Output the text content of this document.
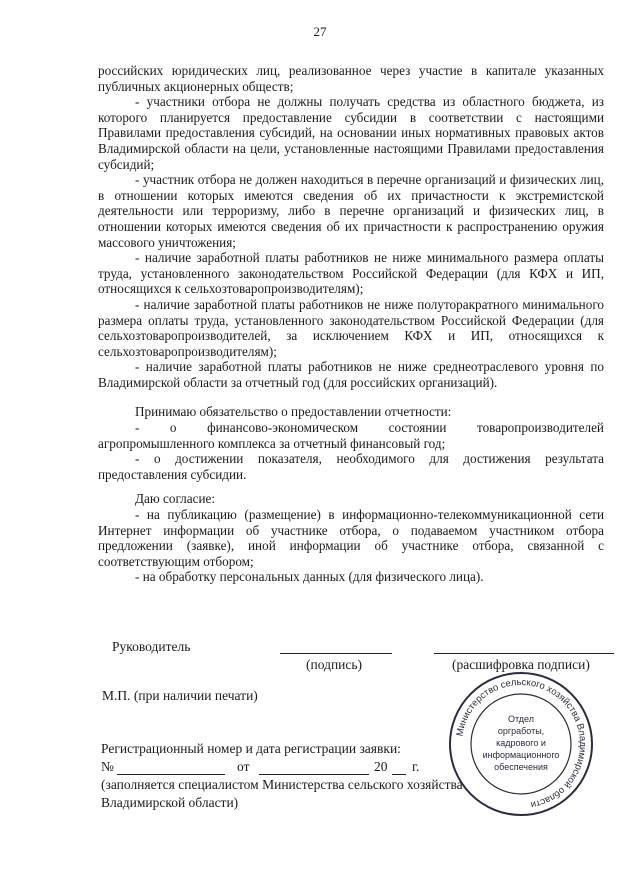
27

российских юридических лиц, реализованное через участие в капитале указанных публичных акционерных обществ;

- участники отбора не должны получать средства из областного бюджета, из которого планируется предоставление субсидии в соответствии с настоящими Правилами предоставления субсидий, на основании иных нормативных правовых актов Владимирской области на цели, установленные настоящими Правилами предоставления субсидий;

- участник отбора не должен находиться в перечне организаций и физических лиц, в отношении которых имеются сведения об их причастности к экстремистской деятельности или терроризму, либо в перечне организаций и физических лиц, в отношении которых имеются сведения об их причастности к распространению оружия массового уничтожения;

- наличие заработной платы работников не ниже минимального размера оплаты труда, установленного законодательством Российской Федерации (для КФХ и ИП, относящихся к сельхозтоваропроизводителям);

- наличие заработной платы работников не ниже полуторакратного минимального размера оплаты труда, установленного законодательством Российской Федерации (для сельхозтоваропроизводителей, за исключением КФХ и ИП, относящихся к сельхозтоваропроизводителям);

- наличие заработной платы работников не ниже среднеотраслевого уровня по Владимирской области за отчетный год (для российских организаций).

Принимаю обязательство о предоставлении отчетности:

- о финансово-экономическом состоянии товаропроизводителей агропромышленного комплекса за отчетный финансовый год;

- о достижении показателя, необходимого для достижения результата предоставления субсидии.

Даю согласие:

- на публикацию (размещение) в информационно-телекоммуникационной сети Интернет информации об участнике отбора, о подаваемом участником отбора предложении (заявке), иной информации об участнике отбора, связанной с соответствующим отбором;

- на обработку персональных данных (для физического лица).

Руководитель
(подпись)	(расшифровка подписи)
М.П. (при наличии печати)
Регистрационный номер и дата регистрации заявки:
№	от	20 г.
(заполняется специалистом Министерства сельского хозяйства
Владимирской области)
Министерство сельского хозяйства Владимирской области
Отдел
оргработы,
кадрового и
информационного
обеспечения
